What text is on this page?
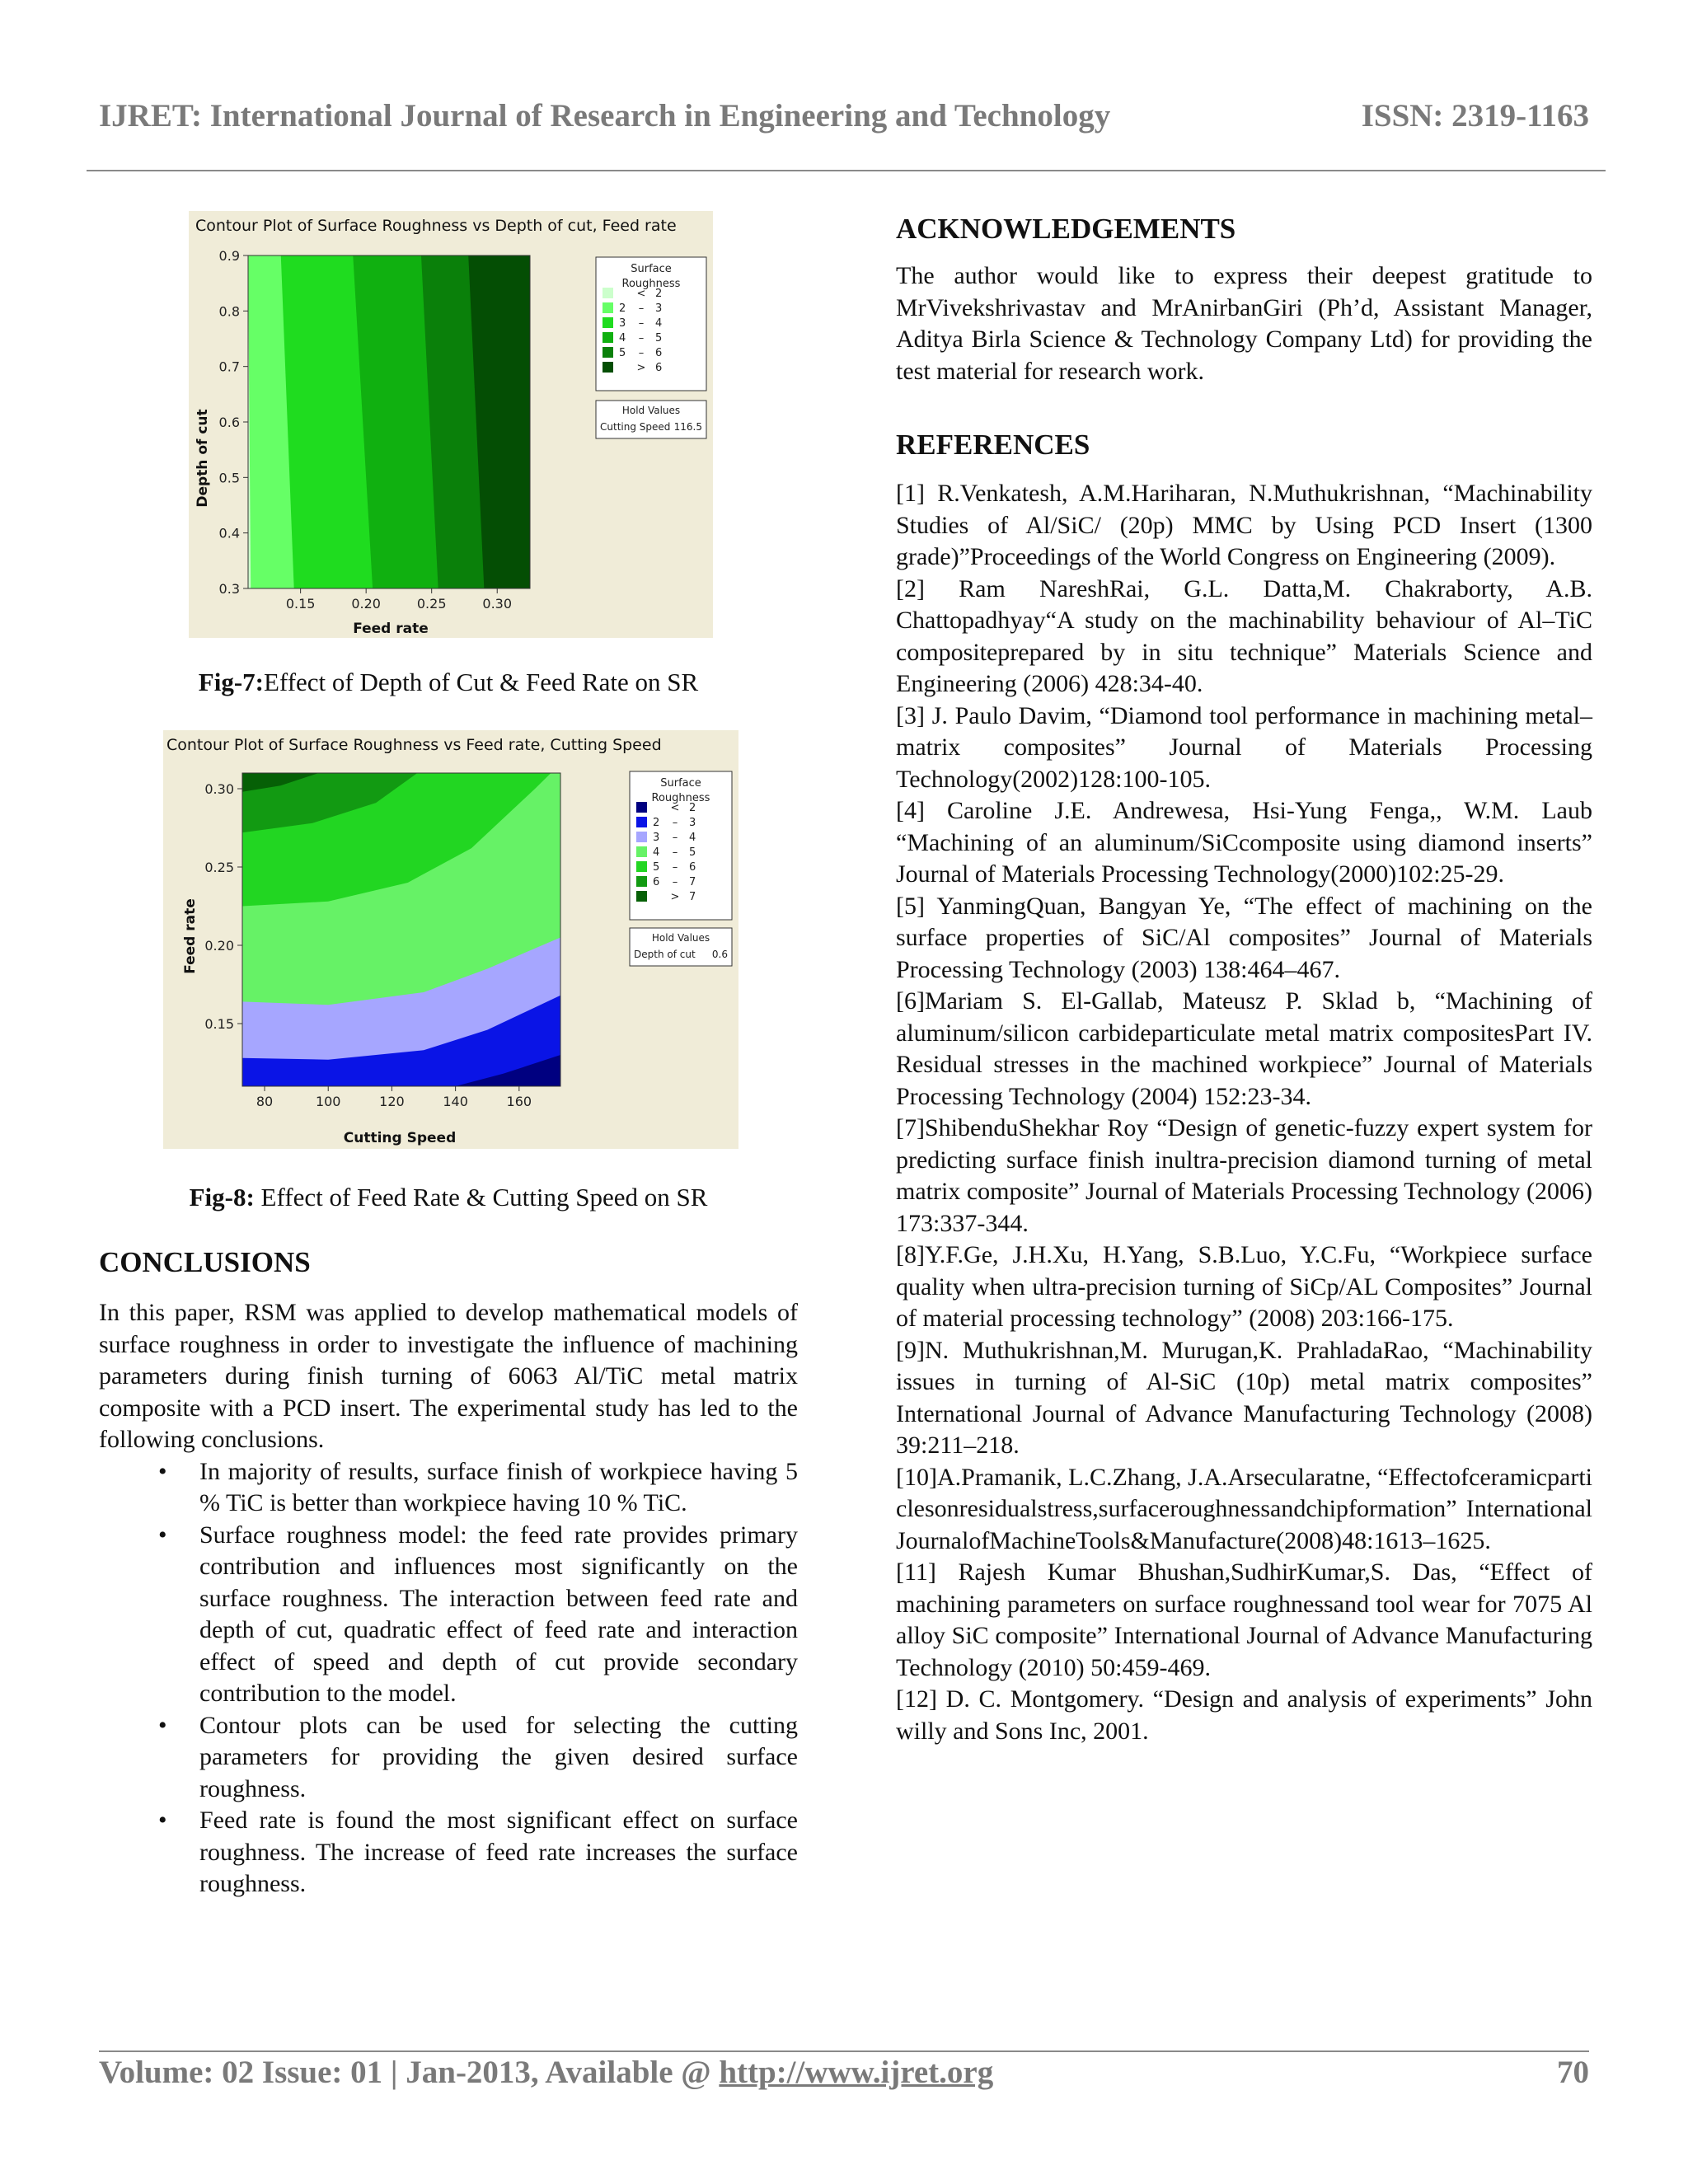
IJRET: International Journal of Research in Engineering and Technology	ISSN: 2319-1163
Contour Plot of Surface Roughness vs Depth of cut, Feed rate
0.15	0.20	0.25	0.30
0.3
0.4
0.5
0.6
0.7
0.8
0.9
Feed rate
Depth of cut
Surface
Roughness
< 2
2 – 3
3 – 4
4 – 5
5 – 6
> 6
Hold Values
Cutting Speed 116.5
Fig-7:Effect of Depth of Cut & Feed Rate on SR
Contour Plot of Surface Roughness vs Feed rate, Cutting Speed
80	100	120	140	160
0.15
0.20
0.25
0.30
Cutting Speed
Feed rate
Surface
Roughness
< 2
2 – 3
3 – 4
4 – 5
5 – 6
6 – 7
> 7
Hold Values
Depth of cut 0.6
Fig-8: Effect of Feed Rate & Cutting Speed on SR
CONCLUSIONS

In this paper, RSM was applied to develop mathematical models of surface roughness in order to investigate the influence of machining parameters during finish turning of 6063 Al/TiC metal matrix composite with a PCD insert. The experimental study has led to the following conclusions.

• In majority of results, surface finish of workpiece having 5 % TiC is better than workpiece having 10 % TiC.
• Surface roughness model: the feed rate provides primary contribution and influences most significantly on the surface roughness. The interaction between feed rate and depth of cut, quadratic effect of feed rate and interaction effect of speed and depth of cut provide secondary contribution to the model.
• Contour plots can be used for selecting the cutting parameters for providing the given desired surface roughness.
• Feed rate is found the most significant effect on surface roughness. The increase of feed rate increases the surface roughness.
ACKNOWLEDGEMENTS

The author would like to express their deepest gratitude to MrVivekshrivastav and MrAnirbanGiri (Ph’d, Assistant Manager, Aditya Birla Science & Technology Company Ltd) for providing the test material for research work.

REFERENCES

[1] R.Venkatesh, A.M.Hariharan, N.Muthukrishnan, “Machinability Studies of Al/SiC/ (20p) MMC by Using PCD Insert (1300 grade)”Proceedings of the World Congress on Engineering (2009).

[2] Ram NareshRai, G.L. Datta,M. Chakraborty, A.B. Chattopadhyay“A study on the machinability behaviour of Al–TiC compositeprepared by in situ technique” Materials Science and Engineering (2006) 428:34-40.

[3] J. Paulo Davim, “Diamond tool performance in machining metal–matrix composites” Journal of Materials Processing Technology(2002)128:100-105.

[4] Caroline J.E. Andrewesa, Hsi-Yung Fenga,, W.M. Laub “Machining of an aluminum/SiCcomposite using diamond inserts” Journal of Materials Processing Technology(2000)102:25-29.

[5] YanmingQuan, Bangyan Ye, “The effect of machining on the surface properties of SiC/Al composites” Journal of Materials Processing Technology (2003) 138:464–467.

[6]Mariam S. El-Gallab, Mateusz P. Sklad b, “Machining of aluminum/silicon carbideparticulate metal matrix compositesPart IV. Residual stresses in the machined workpiece” Journal of Materials Processing Technology (2004) 152:23-34.

[7]ShibenduShekhar Roy “Design of genetic-fuzzy expert system for predicting surface finish inultra-precision diamond turning of metal matrix composite” Journal of Materials Processing Technology (2006) 173:337-344.

[8]Y.F.Ge, J.H.Xu, H.Yang, S.B.Luo, Y.C.Fu, “Workpiece surface quality when ultra-precision turning of SiCp/AL Composites” Journal of material processing technology” (2008) 203:166-175.

[9]N. Muthukrishnan,M. Murugan,K. PrahladaRao, “Machinability issues in turning of Al-SiC (10p) metal matrix composites” International Journal of Advance Manufacturing Technology (2008) 39:211–218.

[10]A.Pramanik, L.C.Zhang, J.A.Arsecularatne, “Effectofceramicparticlesonresidualstress,surfaceroughnessandchipformation” International JournalofMachineTools&Manufacture(2008)48:1613–1625.

[11] Rajesh Kumar Bhushan,SudhirKumar,S. Das, “Effect of machining parameters on surface roughnessand tool wear for 7075 Al alloy SiC composite” International Journal of Advance Manufacturing Technology (2010) 50:459-469.

[12] D. C. Montgomery. “Design and analysis of experiments” John willy and Sons Inc, 2001.

Volume: 02 Issue: 01 | Jan-2013, Available @ http://www.ijret.org	70
